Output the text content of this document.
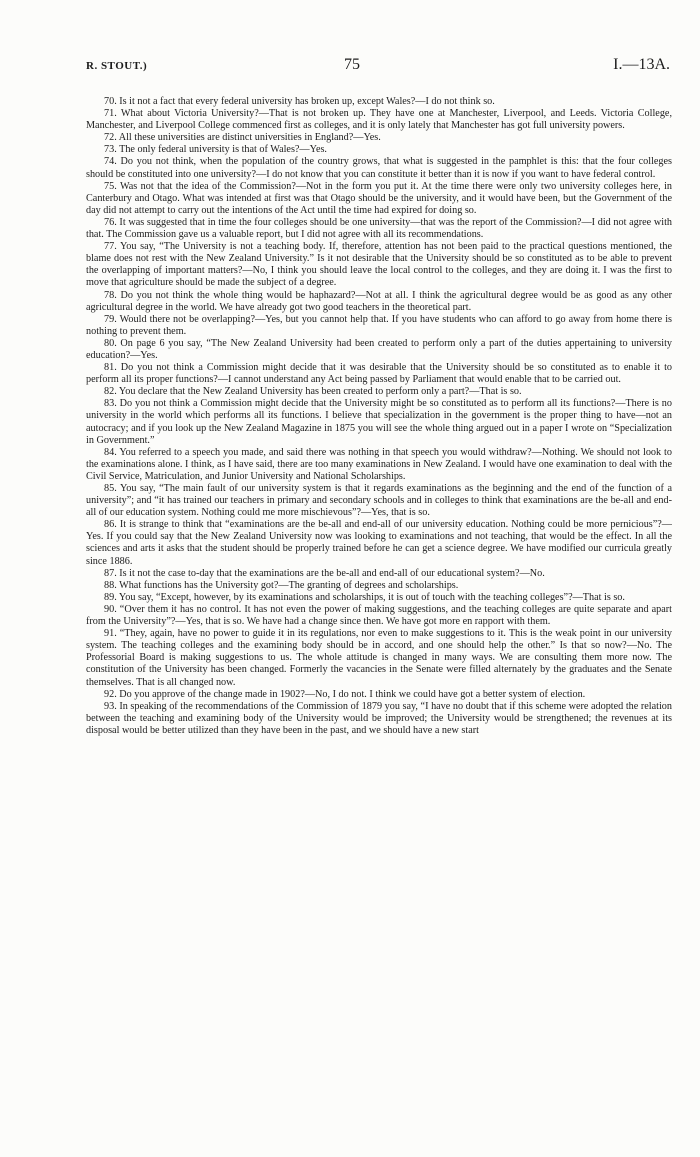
R. STOUT.)	75	I.—13A.

70. Is it not a fact that every federal university has broken up, except Wales?—I do not think so.

71. What about Victoria University?—That is not broken up. They have one at Manchester, Liverpool, and Leeds. Victoria College, Manchester, and Liverpool College commenced first as colleges, and it is only lately that Manchester has got full university powers.

72. All these universities are distinct universities in England?—Yes.

73. The only federal university is that of Wales?—Yes.

74. Do you not think, when the population of the country grows, that what is suggested in the pamphlet is this: that the four colleges should be constituted into one university?—I do not know that you can constitute it better than it is now if you want to have federal control.

75. Was not that the idea of the Commission?—Not in the form you put it. At the time there were only two university colleges here, in Canterbury and Otago. What was intended at first was that Otago should be the university, and it would have been, but the Government of the day did not attempt to carry out the intentions of the Act until the time had expired for doing so.

76. It was suggested that in time the four colleges should be one university—that was the report of the Commission?—I did not agree with that. The Commission gave us a valuable report, but I did not agree with all its recommendations.

77. You say, “The University is not a teaching body. If, therefore, attention has not been paid to the practical questions mentioned, the blame does not rest with the New Zealand University.” Is it not desirable that the University should be so constituted as to be able to prevent the overlapping of important matters?—No, I think you should leave the local control to the colleges, and they are doing it. I was the first to move that agriculture should be made the subject of a degree.

78. Do you not think the whole thing would be haphazard?—Not at all. I think the agricultural degree would be as good as any other agricultural degree in the world. We have already got two good teachers in the theoretical part.

79. Would there not be overlapping?—Yes, but you cannot help that. If you have students who can afford to go away from home there is nothing to prevent them.

80. On page 6 you say, “The New Zealand University had been created to perform only a part of the duties appertaining to university education?—Yes.

81. Do you not think a Commission might decide that it was desirable that the University should be so constituted as to enable it to perform all its proper functions?—I cannot understand any Act being passed by Parliament that would enable that to be carried out.

82. You declare that the New Zealand University has been created to perform only a part?—That is so.

83. Do you not think a Commission might decide that the University might be so constituted as to perform all its functions?—There is no university in the world which performs all its functions. I believe that specialization in the government is the proper thing to have—not an autocracy; and if you look up the New Zealand Magazine in 1875 you will see the whole thing argued out in a paper I wrote on “Specialization in Government.”

84. You referred to a speech you made, and said there was nothing in that speech you would withdraw?—Nothing. We should not look to the examinations alone. I think, as I have said, there are too many examinations in New Zealand. I would have one examination to deal with the Civil Service, Matriculation, and Junior University and National Scholarships.

85. You say, “The main fault of our university system is that it regards examinations as the beginning and the end of the function of a university”; and “it has trained our teachers in primary and secondary schools and in colleges to think that examinations are the be-all and end-all of our education system. Nothing could me more mischievous”?—Yes, that is so.

86. It is strange to think that “examinations are the be-all and end-all of our university education. Nothing could be more pernicious”?—Yes. If you could say that the New Zealand University now was looking to examinations and not teaching, that would be the effect. In all the sciences and arts it asks that the student should be properly trained before he can get a science degree. We have modified our curricula greatly since 1886.

87. Is it not the case to-day that the examinations are the be-all and end-all of our educational system?—No.

88. What functions has the University got?—The granting of degrees and scholarships.

89. You say, “Except, however, by its examinations and scholarships, it is out of touch with the teaching colleges”?—That is so.

90. “Over them it has no control. It has not even the power of making suggestions, and the teaching colleges are quite separate and apart from the University”?—Yes, that is so. We have had a change since then. We have got more en rapport with them.

91. “They, again, have no power to guide it in its regulations, nor even to make suggestions to it. This is the weak point in our university system. The teaching colleges and the examining body should be in accord, and one should help the other.” Is that so now?—No. The Professorial Board is making suggestions to us. The whole attitude is changed in many ways. We are consulting them more now. The constitution of the University has been changed. Formerly the vacancies in the Senate were filled alternately by the graduates and the Senate themselves. That is all changed now.

92. Do you approve of the change made in 1902?—No, I do not. I think we could have got a better system of election.

93. In speaking of the recommendations of the Commission of 1879 you say, “I have no doubt that if this scheme were adopted the relation between the teaching and examining body of the University would be improved; the University would be strengthened; the revenues at its disposal would be better utilized than they have been in the past, and we should have a new start
